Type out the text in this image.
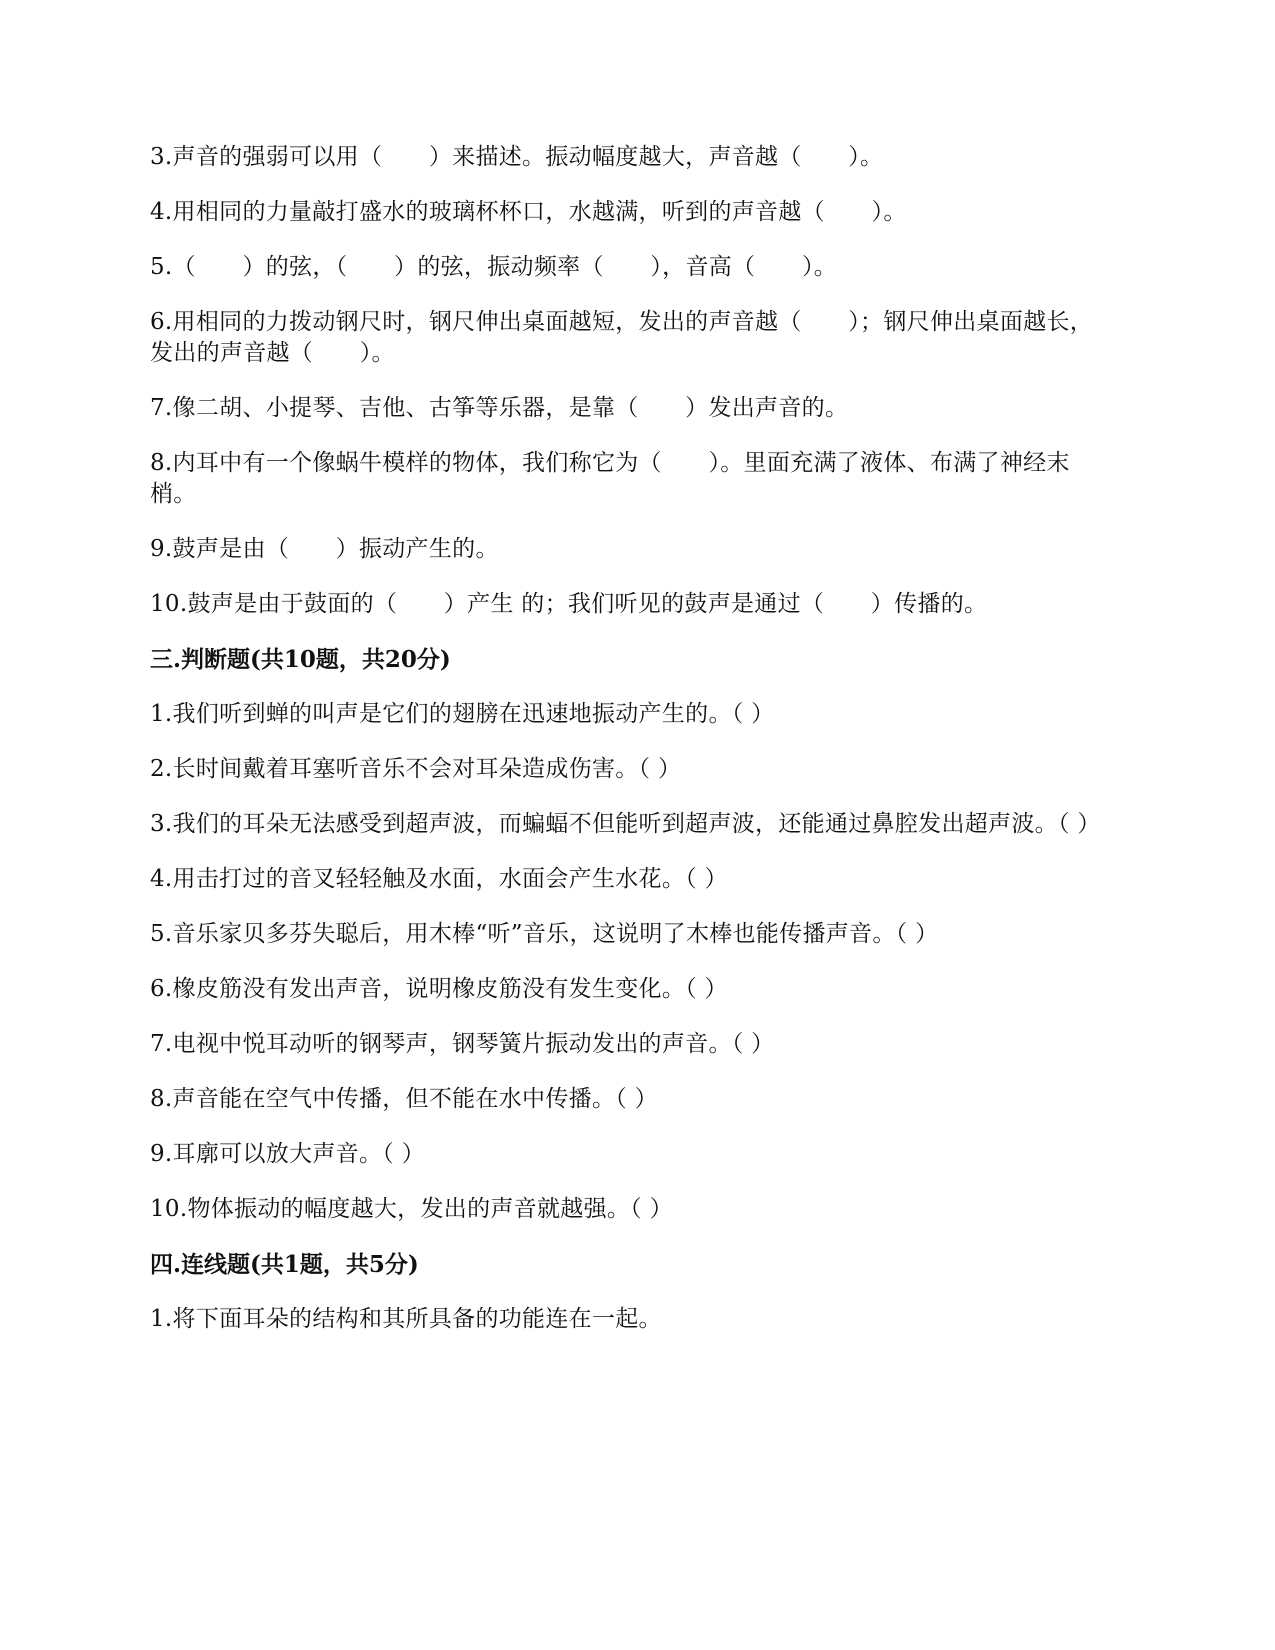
3.声音的强弱可以用（　　）来描述。振动幅度越大，声音越（　　）。

4.用相同的力量敲打盛水的玻璃杯杯口，水越满，听到的声音越（　　）。

5.（　　）的弦，（　　）的弦，振动频率（　　），音高（　　）。

6.用相同的力拨动钢尺时，钢尺伸出桌面越短，发出的声音越（　　）；钢尺伸出桌面越长，发出的声音越（　　）。

7.像二胡、小提琴、吉他、古筝等乐器，是靠（　　）发出声音的。

8.内耳中有一个像蜗牛模样的物体，我们称它为（　　）。里面充满了液体、布满了神经末梢。

9.鼓声是由（　　）振动产生的。

10.鼓声是由于鼓面的（　　）产生 的；我们听见的鼓声是通过（　　）传播的。

三.判断题(共10题，共20分)

1.我们听到蝉的叫声是它们的翅膀在迅速地振动产生的。（ ）

2.长时间戴着耳塞听音乐不会对耳朵造成伤害。（ ）

3.我们的耳朵无法感受到超声波，而蝙蝠不但能听到超声波，还能通过鼻腔发出超声波。（ ）

4.用击打过的音叉轻轻触及水面，水面会产生水花。（ ）

5.音乐家贝多芬失聪后，用木棒“听”音乐，这说明了木棒也能传播声音。（ ）

6.橡皮筋没有发出声音，说明橡皮筋没有发生变化。（ ）

7.电视中悦耳动听的钢琴声，钢琴簧片振动发出的声音。（ ）

8.声音能在空气中传播，但不能在水中传播。（ ）

9.耳廓可以放大声音。（ ）

10.物体振动的幅度越大，发出的声音就越强。（ ）

四.连线题(共1题，共5分)

1.将下面耳朵的结构和其所具备的功能连在一起。
